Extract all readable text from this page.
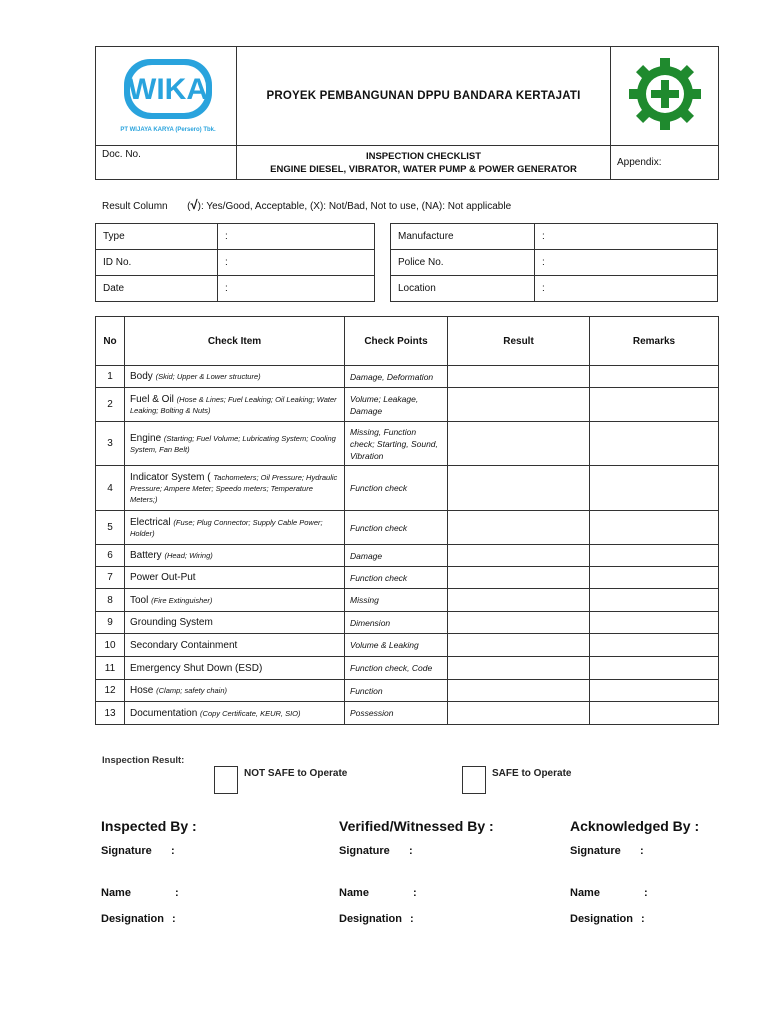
WIKA
PT WIJAYA KARYA (Persero) Tbk.	PROYEK PEMBANGUNAN DPPU BANDARA KERTAJATI	
Doc. No.	INSPECTION CHECKLIST
ENGINE DIESEL, VIBRATOR, WATER PUMP & POWER GENERATOR	Appendix:
Result Column (√): Yes/Good, Acceptable, (X): Not/Bad, Not to use, (NA): Not applicable
Type	:
ID No.	:
Date	:
Manufacture	:
Police No.	:
Location	:
No	Check Item	Check Points	Result	Remarks
1	Body (Skid; Upper & Lower structure)	Damage, Deformation		
2	Fuel & Oil (Hose & Lines; Fuel Leaking; Oil Leaking; Water Leaking; Bolting & Nuts)	Volume; Leakage, Damage		
3	Engine (Starting; Fuel Volume; Lubricating System; Cooling System, Fan Belt)	Missing, Function check; Starting, Sound, Vibration		
4	Indicator System ( Tachometers; Oil Pressure; Hydraulic Pressure; Ampere Meter; Speedo meters; Temperature Meters;)	Function check		
5	Electrical (Fuse; Plug Connector; Supply Cable Power; Holder)	Function check		
6	Battery (Head; Wiring)	Damage		
7	Power Out-Put	Function check		
8	Tool (Fire Extinguisher)	Missing		
9	Grounding System	Dimension		
10	Secondary Containment	Volume & Leaking		
11	Emergency Shut Down (ESD)	Function check, Code		
12	Hose (Clamp; safety chain)	Function		
13	Documentation (Copy Certificate, KEUR, SIO)	Possession		
Inspection Result:
NOT SAFE to Operate	SAFE to Operate
Inspected By :
Signature :
Name	:
Designation :
Verified/Witnessed By :
Signature :
Name	:
Designation :
Acknowledged By :
Signature :
Name	:
Designation :
